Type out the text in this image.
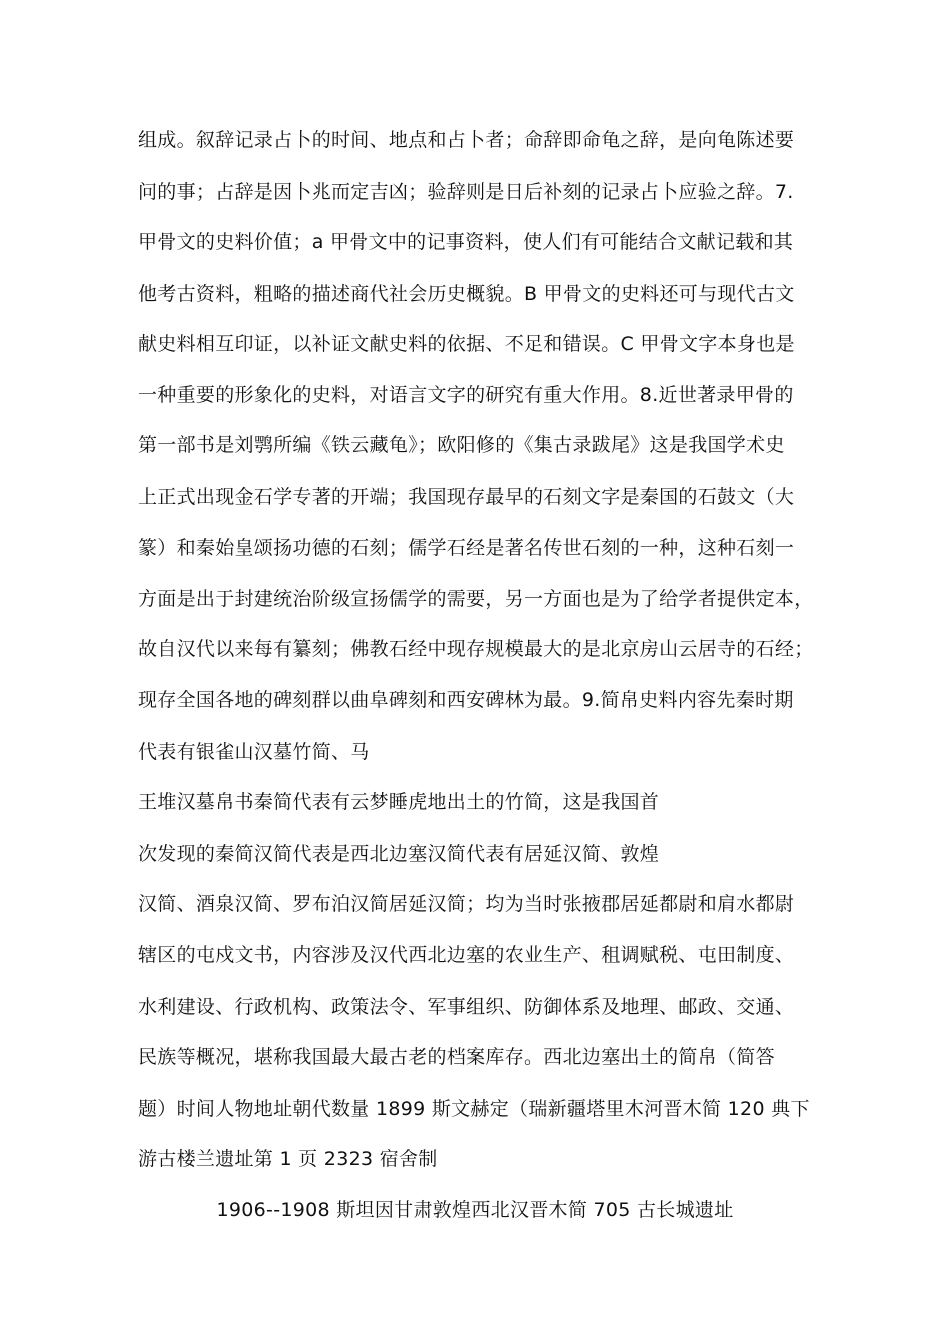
组成。叙辞记录占卜的时间、地点和占卜者；命辞即命龟之辞，是向龟陈述要
问的事；占辞是因卜兆而定吉凶；验辞则是日后补刻的记录占卜应验之辞。7.
甲骨文的史料价值；a 甲骨文中的记事资料，使人们有可能结合文献记载和其
他考古资料，粗略的描述商代社会历史概貌。B 甲骨文的史料还可与现代古文
献史料相互印证，以补证文献史料的依据、不足和错误。C 甲骨文字本身也是
一种重要的形象化的史料，对语言文字的研究有重大作用。8.近世著录甲骨的
第一部书是刘鹗所编《铁云藏龟》；欧阳修的《集古录跋尾》这是我国学术史
上正式出现金石学专著的开端；我国现存最早的石刻文字是秦国的石鼓文（大
篆）和秦始皇颂扬功德的石刻；儒学石经是著名传世石刻的一种，这种石刻一
方面是出于封建统治阶级宣扬儒学的需要，另一方面也是为了给学者提供定本，
故自汉代以来每有纂刻；佛教石经中现存规模最大的是北京房山云居寺的石经；
现存全国各地的碑刻群以曲阜碑刻和西安碑林为最。9.简帛史料内容先秦时期
代表有银雀山汉墓竹简、马
王堆汉墓帛书秦简代表有云梦睡虎地出土的竹简，这是我国首
次发现的秦简汉简代表是西北边塞汉简代表有居延汉简、敦煌
汉简、酒泉汉简、罗布泊汉简居延汉简；均为当时张掖郡居延都尉和肩水都尉
辖区的屯戍文书，内容涉及汉代西北边塞的农业生产、租调赋税、屯田制度、
水利建设、行政机构、政策法令、军事组织、防御体系及地理、邮政、交通、
民族等概况，堪称我国最大最古老的档案库存。西北边塞出土的简帛（简答
题）时间人物地址朝代数量 1899 斯文赫定（瑞新疆塔里木河晋木简 120 典下
游古楼兰遗址第 1 页 2323 宿舍制
1906--1908 斯坦因甘肃敦煌西北汉晋木简 705 古长城遗址
